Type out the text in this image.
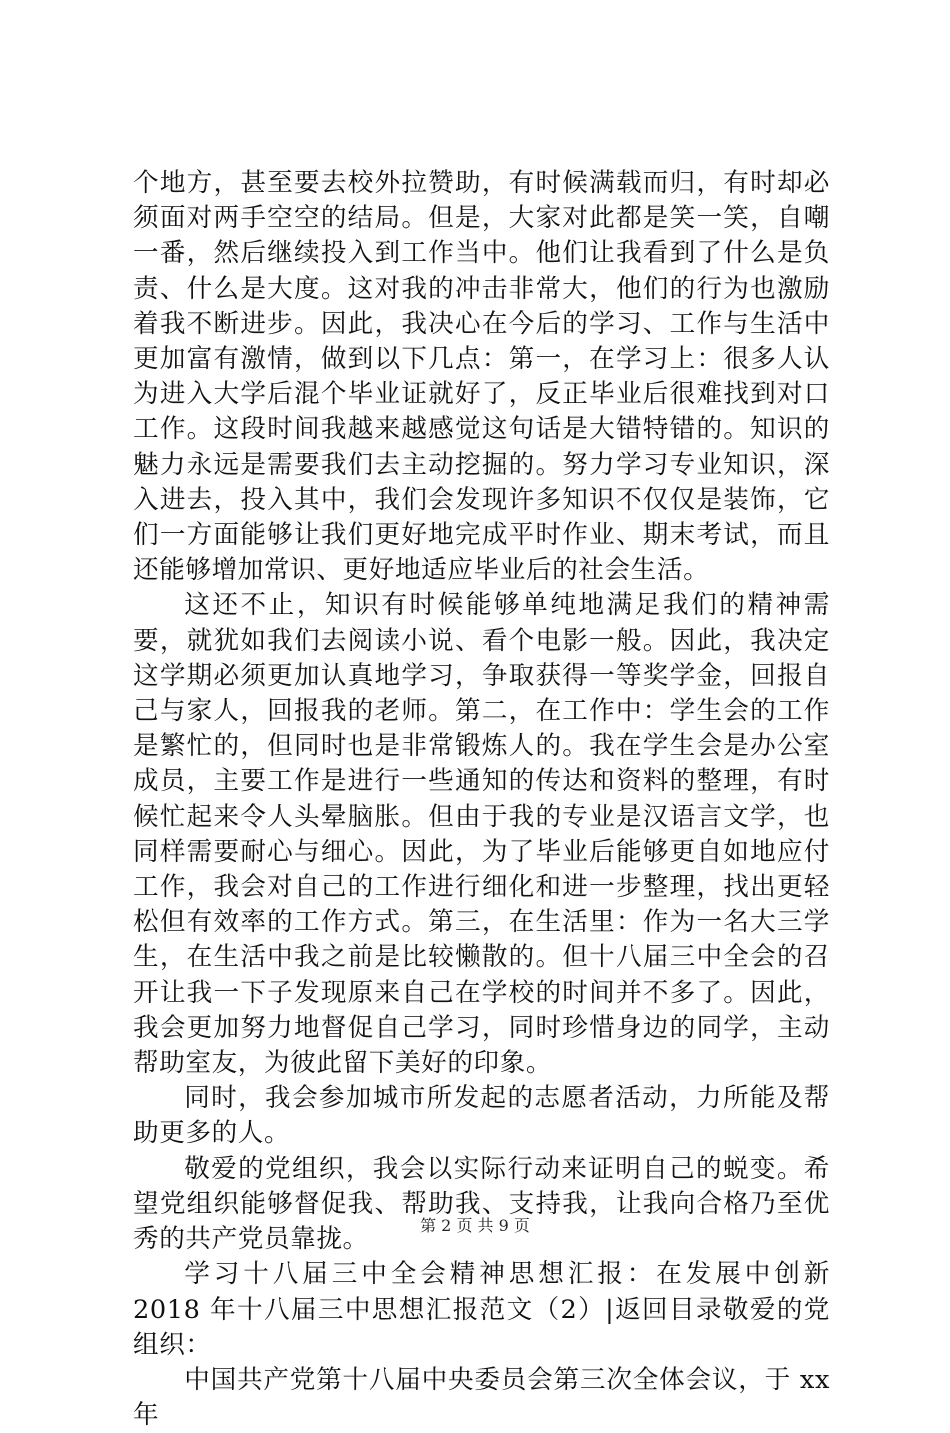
个地方，甚至要去校外拉赞助，有时候满载而归，有时却必须面对两手空空的结局。但是，大家对此都是笑一笑，自嘲一番，然后继续投入到工作当中。他们让我看到了什么是负责、什么是大度。这对我的冲击非常大，他们的行为也激励着我不断进步。因此，我决心在今后的学习、工作与生活中更加富有激情，做到以下几点：第一，在学习上：很多人认为进入大学后混个毕业证就好了，反正毕业后很难找到对口工作。这段时间我越来越感觉这句话是大错特错的。知识的魅力永远是需要我们去主动挖掘的。努力学习专业知识，深入进去，投入其中，我们会发现许多知识不仅仅是装饰，它们一方面能够让我们更好地完成平时作业、期末考试，而且还能够增加常识、更好地适应毕业后的社会生活。

这还不止，知识有时候能够单纯地满足我们的精神需要，就犹如我们去阅读小说、看个电影一般。因此，我决定这学期必须更加认真地学习，争取获得一等奖学金，回报自己与家人，回报我的老师。第二，在工作中：学生会的工作是繁忙的，但同时也是非常锻炼人的。我在学生会是办公室成员，主要工作是进行一些通知的传达和资料的整理，有时候忙起来令人头晕脑胀。但由于我的专业是汉语言文学，也同样需要耐心与细心。因此，为了毕业后能够更自如地应付工作，我会对自己的工作进行细化和进一步整理，找出更轻松但有效率的工作方式。第三，在生活里：作为一名大三学生，在生活中我之前是比较懒散的。但十八届三中全会的召开让我一下子发现原来自己在学校的时间并不多了。因此，我会更加努力地督促自己学习，同时珍惜身边的同学，主动帮助室友，为彼此留下美好的印象。

同时，我会参加城市所发起的志愿者活动，力所能及帮助更多的人。

敬爱的党组织，我会以实际行动来证明自己的蜕变。希望党组织能够督促我、帮助我、支持我，让我向合格乃至优秀的共产党员靠拢。

学习十八届三中全会精神思想汇报：在发展中创新 2018 年十八届三中思想汇报范文（2）|返回目录敬爱的党组织：

中国共产党第十八届中央委员会第三次全体会议，于 xx 年

第 2 页 共 9 页
